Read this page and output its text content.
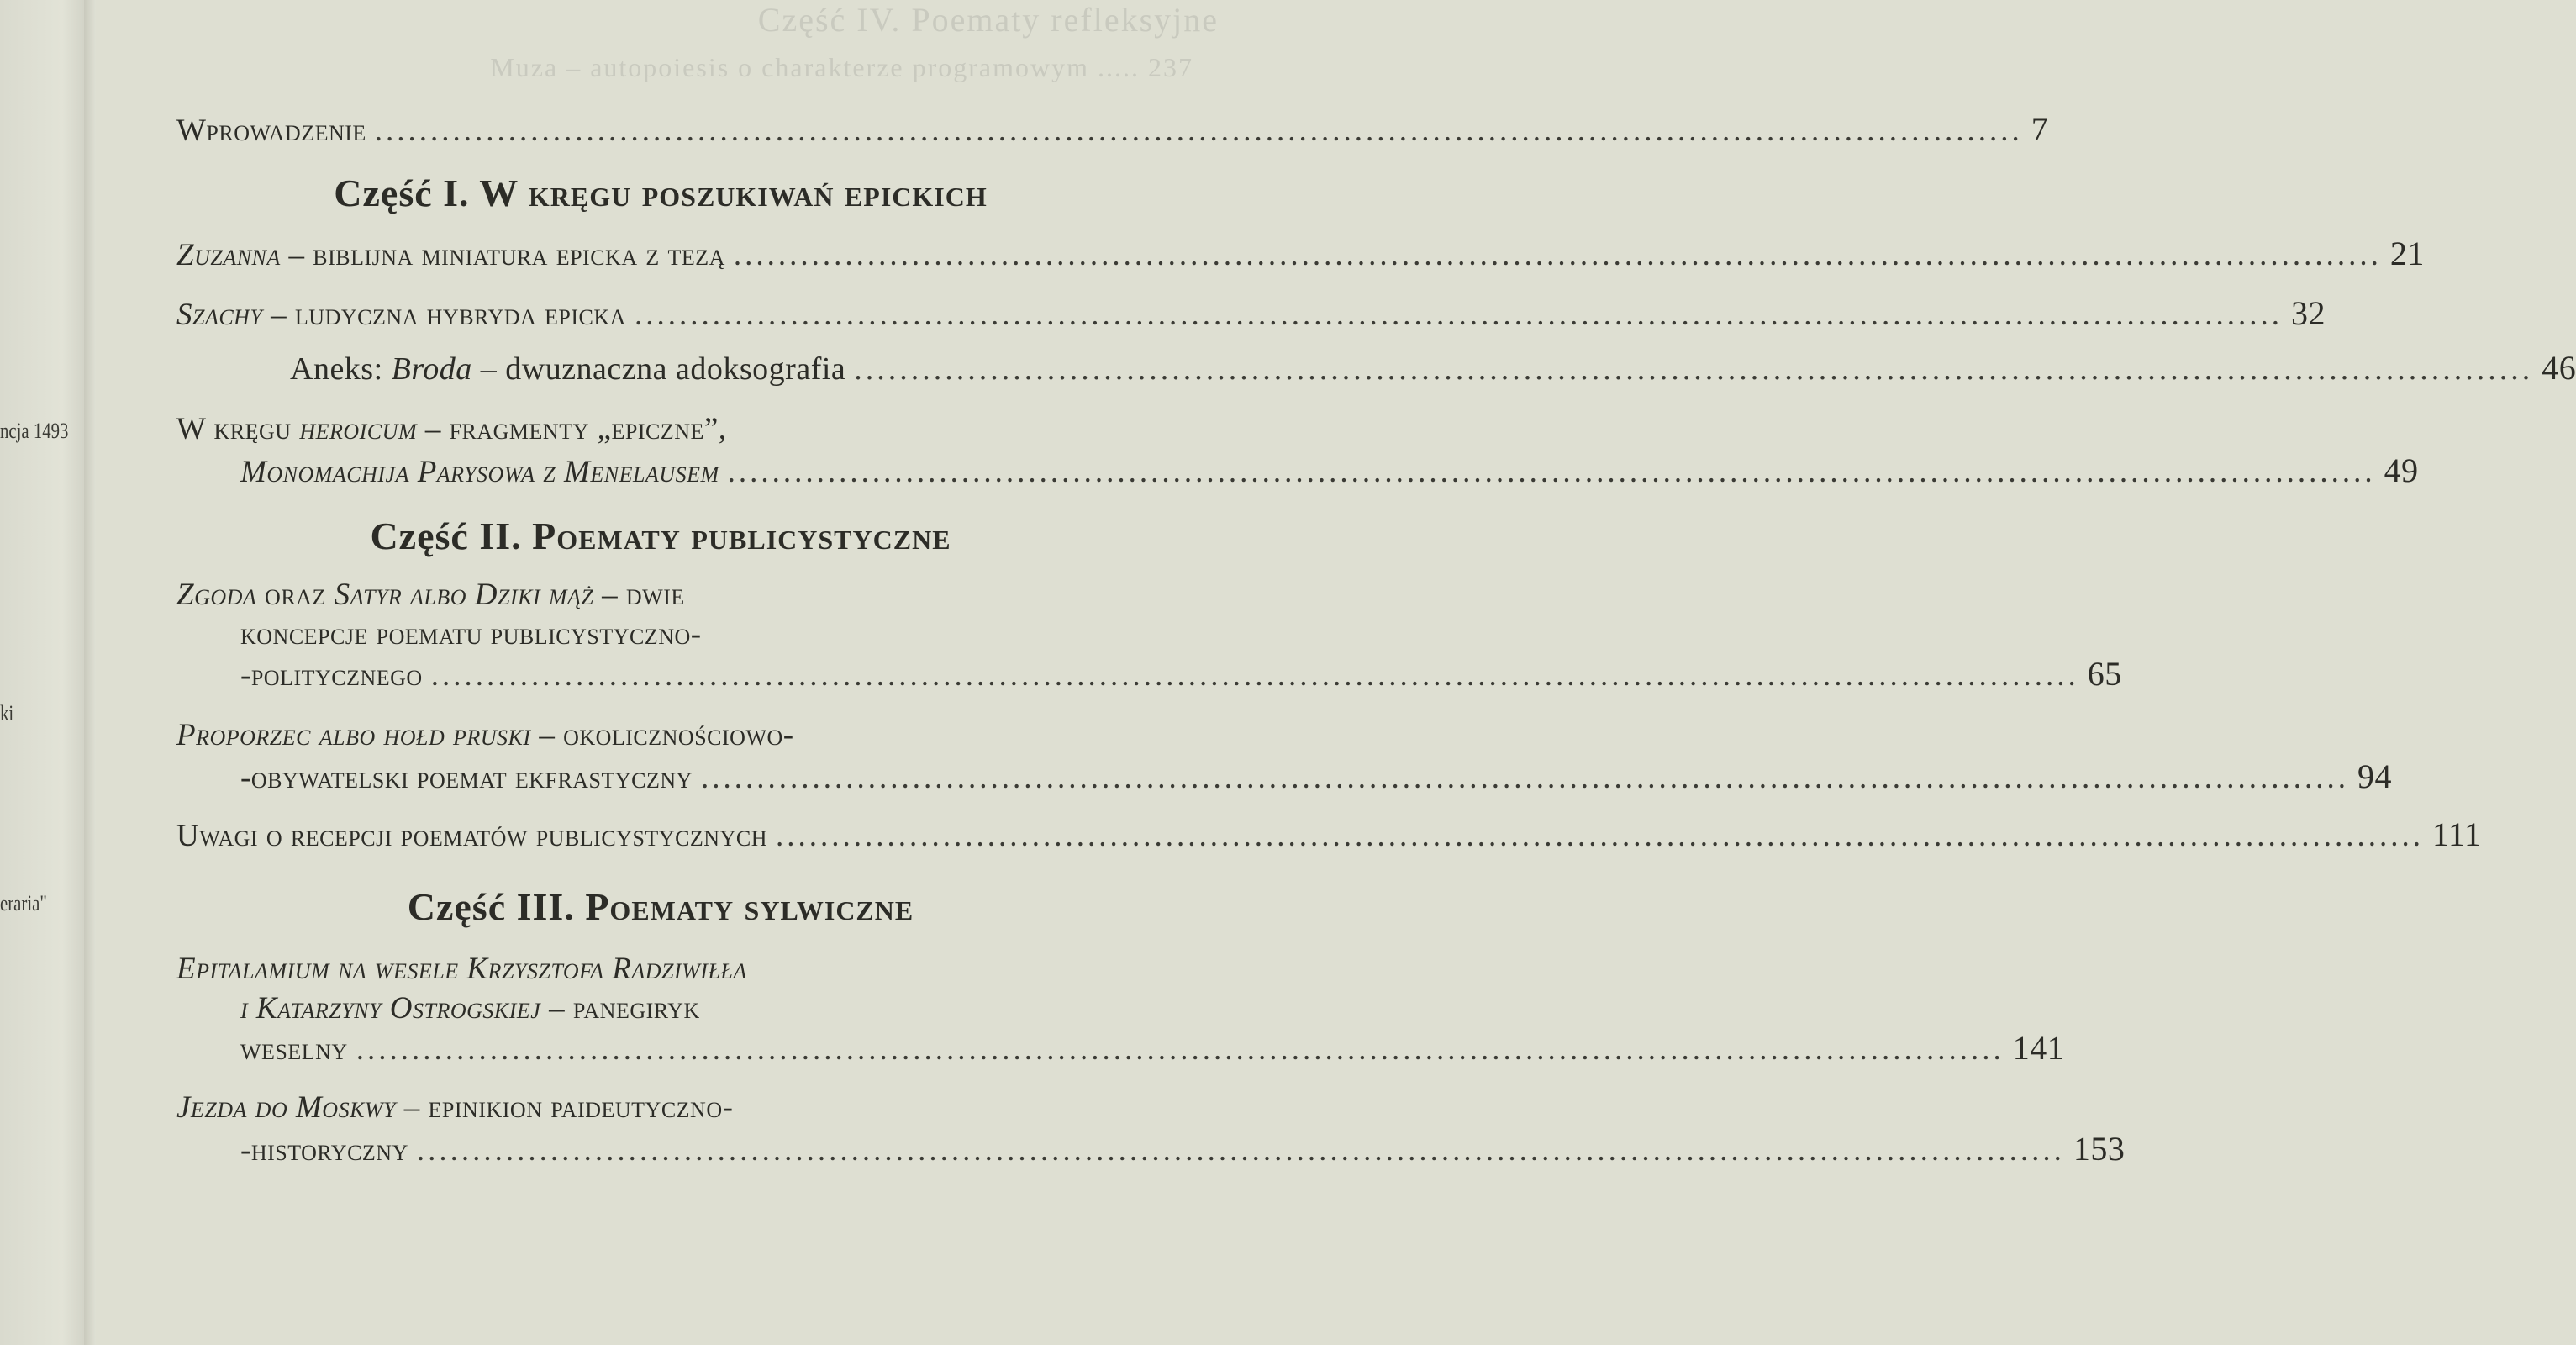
ncja 1493
ki
eraria"
Część IV. Poematy refleksyjne
Muza – autopoiesis o charakterze programowym ..... 237
Wprowadzenie .................................................................................................................................................... 7
Część I. W kręgu poszukiwań epickich
Zuzanna – biblijna miniatura epicka z tezą .................................................................................................................................................... 21
Szachy – ludyczna hybryda epicka .................................................................................................................................................... 32
Aneks: Broda – dwuznaczna adoksografia .................................................................................................................................................... 46
W kręgu heroicum – fragmenty „epiczne”,
Monomachija Parysowa z Menelausem .................................................................................................................................................... 49
Część II. Poematy publicystyczne
Zgoda oraz Satyr albo Dziki mąż – dwie
koncepcje poematu publicystyczno-
-politycznego .................................................................................................................................................... 65
Proporzec albo hołd pruski – okolicznościowo-
-obywatelski poemat ekfrastyczny .................................................................................................................................................... 94
Uwagi o recepcji poematów publicystycznych .................................................................................................................................................... 111
Część III. Poematy sylwiczne
Epitalamium na wesele Krzysztofa Radziwiłła
i Katarzyny Ostrogskiej – panegiryk
weselny .................................................................................................................................................... 141
Jezda do Moskwy – epinikion paideutyczno-
-historyczny .................................................................................................................................................... 153
